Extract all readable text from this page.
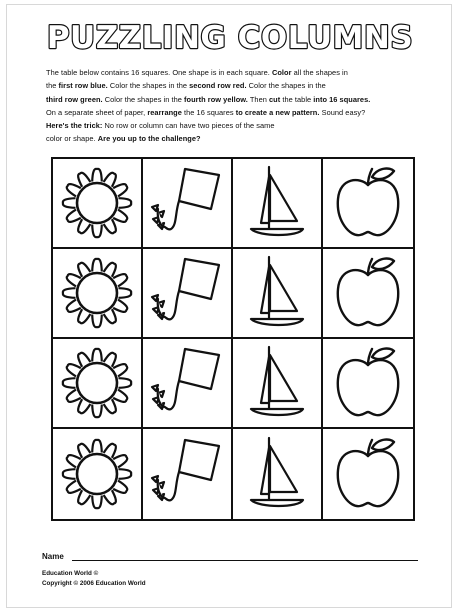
PUZZLING COLUMNS

The table below contains 16 squares. One shape is in each square. Color all the shapes in

the first row blue. Color the shapes in the second row red. Color the shapes in the

third row green. Color the shapes in the fourth row yellow. Then cut the table into 16 squares.

On a separate sheet of paper, rearrange the 16 squares to create a new pattern. Sound easy?

Here's the trick: No row or column can have two pieces of the same

color or shape. Are you up to the challenge?

Name
Education World ©
Copyright © 2006 Education World
